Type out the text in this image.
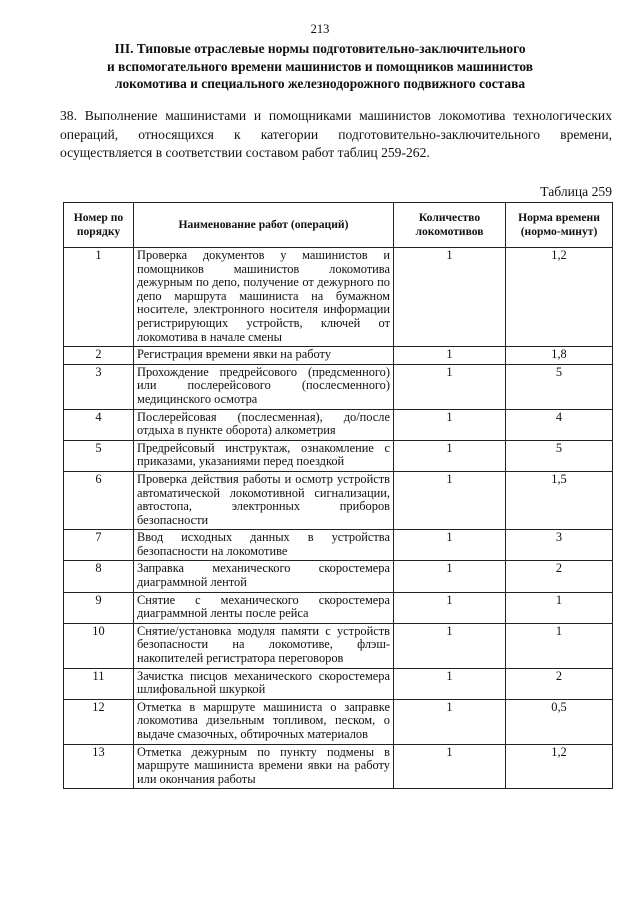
213
III. Типовые отраслевые нормы подготовительно-заключительного
и вспомогательного времени машинистов и помощников машинистов
локомотива и специального железнодорожного подвижного состава

38. Выполнение машинистами и помощниками машинистов локомотива технологических операций, относящихся к категории подготовительно-заключительного времени, осуществляется в соответствии составом работ таблиц 259-262.

Таблица 259
Номер по порядку	Наименование работ (операций)	Количество локомотивов	Норма времени (нормо-минут)
1	Проверка документов у машинистов и помощников машинистов локомотива дежурным по депо, получение от дежурного по депо маршрута машиниста на бумажном носителе, электронного носителя информации регистрирующих устройств, ключей от локомотива в начале смены	1	1,2
2	Регистрация времени явки на работу	1	1,8
3	Прохождение предрейсового (предсменного) или послерейсового (послесменного) медицинского осмотра	1	5
4	Послерейсовая (послесменная), до/после отдыха в пункте оборота) алкометрия	1	4
5	Предрейсовый инструктаж, ознакомление с приказами, указаниями перед поездкой	1	5
6	Проверка действия работы и осмотр устройств автоматической локомотивной сигнализации, автостопа, электронных приборов безопасности	1	1,5
7	Ввод исходных данных в устройства безопасности на локомотиве	1	3
8	Заправка механического скоростемера диаграммной лентой	1	2
9	Снятие с механического скоростемера диаграммной ленты после рейса	1	1
10	Снятие/установка модуля памяти с устройств безопасности на локомотиве, флэш-накопителей регистратора переговоров	1	1
11	Зачистка писцов механического скоростемера шлифовальной шкуркой	1	2
12	Отметка в маршруте машиниста о заправке локомотива дизельным топливом, песком, о выдаче смазочных, обтирочных материалов	1	0,5
13	Отметка дежурным по пункту подмены в маршруте машиниста времени явки на работу или окончания работы	1	1,2
